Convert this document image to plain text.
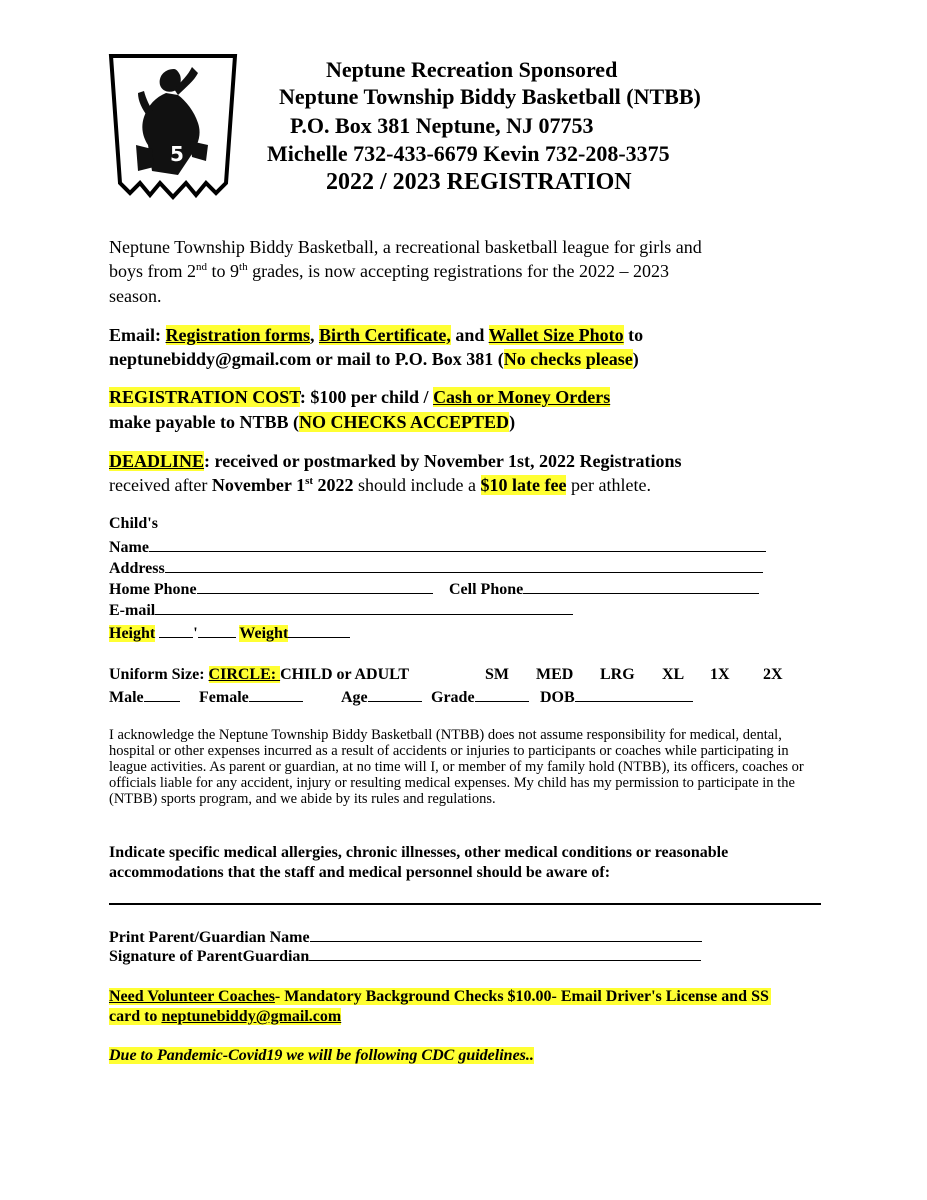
5
Neptune Recreation Sponsored
Neptune Township Biddy Basketball (NTBB)
P.O. Box 381 Neptune, NJ 07753
Michelle 732-433-6679 Kevin 732-208-3375
2022 / 2023 REGISTRATION
Neptune Township Biddy Basketball, a recreational basketball league for girls and
boys from 2nd to 9th grades, is now accepting registrations for the 2022 – 2023
season.
Email: Registration forms, Birth Certificate, and Wallet Size Photo to
neptunebiddy@gmail.com or mail to P.O. Box 381 (No checks please)
REGISTRATION COST: $100 per child / Cash or Money Orders
make payable to NTBB (NO CHECKS ACCEPTED)
DEADLINE: received or postmarked by November 1st, 2022 Registrations
received after November 1st 2022 should include a $10 late fee per athlete.
Child's
Name
Address
Home Phone	Cell Phone
E-mail
Height '	Weight
Uniform Size: CIRCLE: CHILD or ADULT	SM MED LRG XL 1X 2X
Male	Female	Age	Grade	DOB
I acknowledge the Neptune Township Biddy Basketball (NTBB) does not assume responsibility for medical, dental, hospital or other expenses incurred as a result of accidents or injuries to participants or coaches while participating in league activities. As parent or guardian, at no time will I, or member of my family hold (NTBB), its officers, coaches or officials liable for any accident, injury or resulting medical expenses. My child has my permission to participate in the (NTBB) sports program, and we abide by its rules and regulations.
Indicate specific medical allergies, chronic illnesses, other medical conditions or reasonable accommodations that the staff and medical personnel should be aware of:
Print Parent/Guardian Name
Signature of ParentGuardian
Need Volunteer Coaches- Mandatory Background Checks $10.00- Email Driver's License and SS
card to neptunebiddy@gmail.com
Due to Pandemic-Covid19 we will be following CDC guidelines..
